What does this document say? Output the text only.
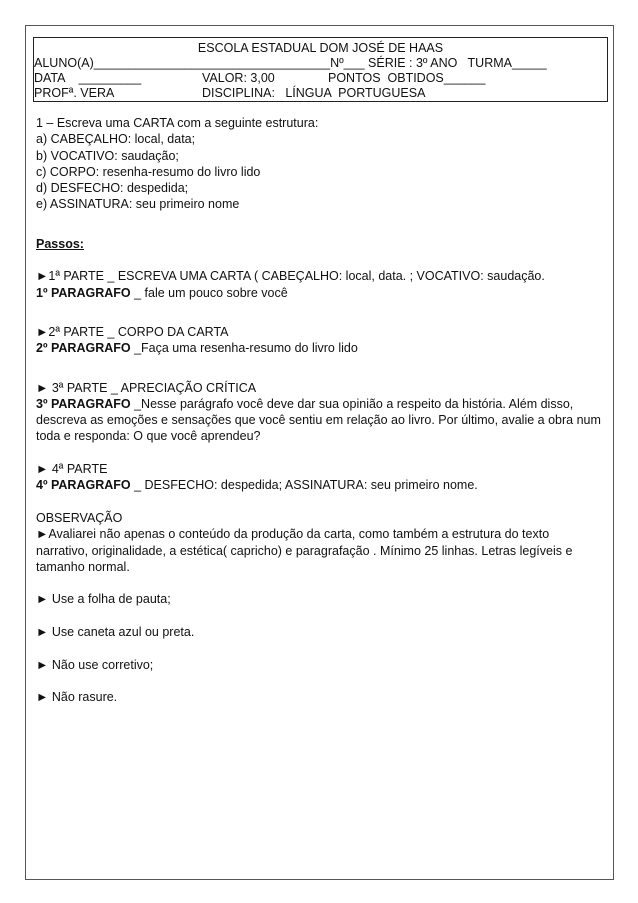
ESCOLA ESTADUAL DOM JOSÉ DE HAAS
ALUNO(A)__________________________________Nº___ SÉRIE : 3º ANO   TURMA_____
DATA    _________	VALOR: 3,00	PONTOS  OBTIDOS______
PROFª. VERA	DISCIPLINA:   LÍNGUA  PORTUGUESA
1 – Escreva uma CARTA com a seguinte estrutura:
a) CABEÇALHO: local, data;
b) VOCATIVO: saudação;
c) CORPO: resenha-resumo do livro lido
d) DESFECHO: despedida;
e) ASSINATURA: seu primeiro nome
Passos:
►1ª PARTE _ ESCREVA UMA CARTA ( CABEÇALHO: local, data. ; VOCATIVO: saudação.
1º PARAGRAFO _ fale um pouco sobre você
►2ª PARTE _ CORPO DA CARTA
2º PARAGRAFO _Faça uma resenha-resumo do livro lido
► 3ª PARTE _ APRECIAÇÃO CRÍTICA
3º PARAGRAFO _Nesse parágrafo você deve dar sua opinião a respeito da história. Além disso, descreva as emoções e sensações que você sentiu em relação ao livro. Por último, avalie a obra num toda e responda: O que você aprendeu?
► 4ª PARTE
4º PARAGRAFO _ DESFECHO: despedida; ASSINATURA: seu primeiro nome.
OBSERVAÇÃO
►Avaliarei não apenas o conteúdo da produção da carta, como também a estrutura do texto narrativo, originalidade, a estética( capricho) e paragrafação . Mínimo 25 linhas. Letras legíveis e tamanho normal.
► Use a folha de pauta;
► Use caneta azul ou preta.
► Não use corretivo;
► Não rasure.
